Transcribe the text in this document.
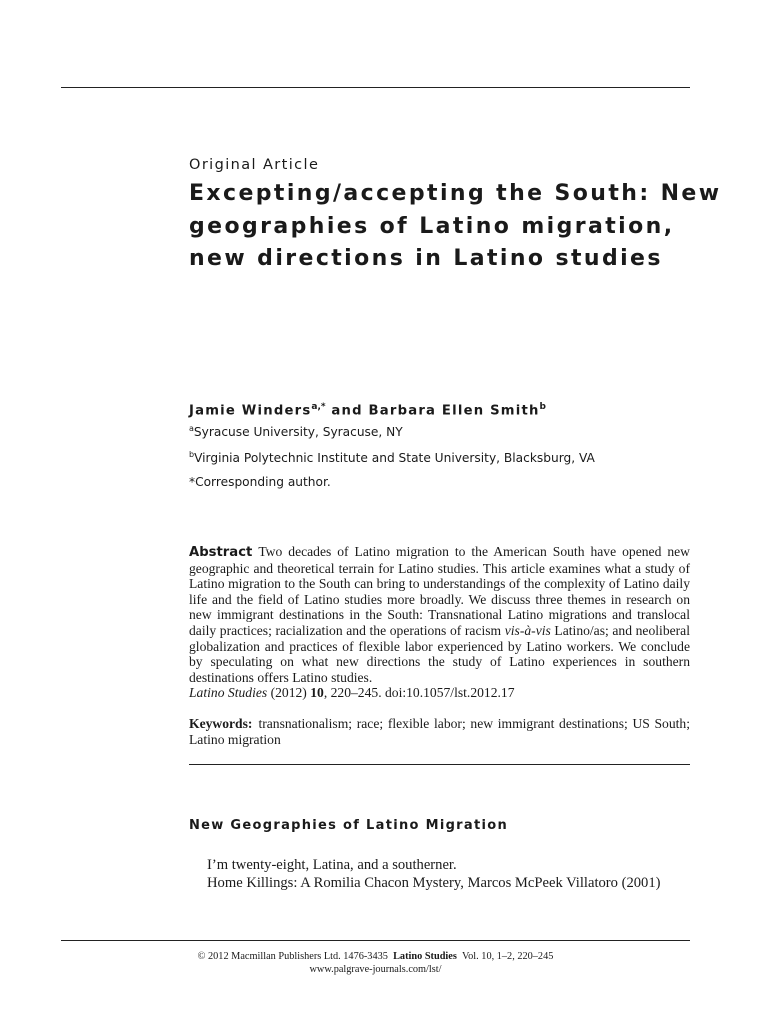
Original Article
Excepting/accepting the South: New
geographies of Latino migration,
new directions in Latino studies
Jamie Winders$^{a,*}$ and Barbara Ellen Smith$^b$
$^a$Syracuse University, Syracuse, NY
$^b$Virginia Polytechnic Institute and State University, Blacksburg, VA
*Corresponding author.
Abstract Two decades of Latino migration to the American South have opened new geographic and theoretical terrain for Latino studies. This article examines what a study of Latino migration to the South can bring to understandings of the complexity of Latino daily life and the field of Latino studies more broadly. We discuss three themes in research on new immigrant destinations in the South: Transnational Latino migrations and translocal daily practices; racialization and the operations of racism vis-à-vis Latino/as; and neoliberal globalization and practices of flexible labor experienced by Latino workers. We conclude by speculating on what new directions the study of Latino experiences in southern destinations offers Latino studies.
Latino Studies (2012) 10, 220–245. doi:10.1057/lst.2012.17
Keywords: transnationalism; race; flexible labor; new immigrant destinations; US South; Latino migration
New Geographies of Latino Migration
I’m twenty-eight, Latina, and a southerner.
Home Killings: A Romilia Chacon Mystery, Marcos McPeek Villatoro (2001)
© 2012 Macmillan Publishers Ltd. 1476-3435 Latino Studies Vol. 10, 1–2, 220–245
www.palgrave-journals.com/lst/
